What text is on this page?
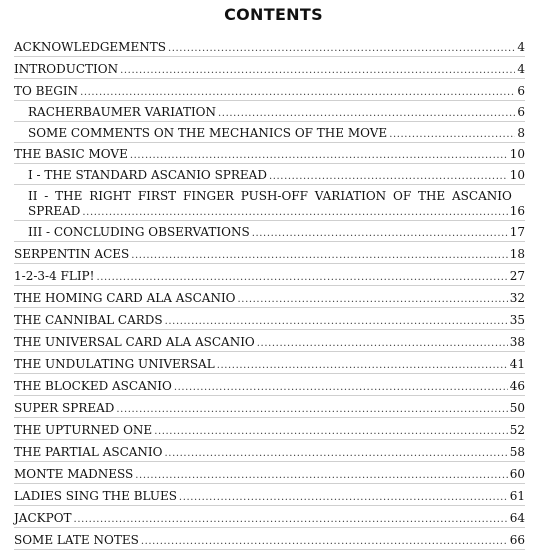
CONTENTS
ACKNOWLEDGEMENTS .....	4
INTRODUCTION .....	4
TO BEGIN .....	6
RACHERBAUMER VARIATION .....	6
SOME COMMENTS ON THE MECHANICS OF THE MOVE .....	8
THE BASIC MOVE .....	10
I - THE STANDARD ASCANIO SPREAD .....	10
II - THE RIGHT FIRST FINGER PUSH-OFF VARIATION OF THE ASCANIO
SPREAD .....	16
III - CONCLUDING OBSERVATIONS .....	17
SERPENTIN ACES .....	18
1-2-3-4 FLIP! .....	27
THE HOMING CARD ALA ASCANIO .....	32
THE CANNIBAL CARDS .....	35
THE UNIVERSAL CARD ALA ASCANIO .....	38
THE UNDULATING UNIVERSAL .....	41
THE BLOCKED ASCANIO .....	46
SUPER SPREAD .....	50
THE UPTURNED ONE .....	52
THE PARTIAL ASCANIO .....	58
MONTE MADNESS .....	60
LADIES SING THE BLUES .....	61
JACKPOT .....	64
SOME LATE NOTES .....	66
